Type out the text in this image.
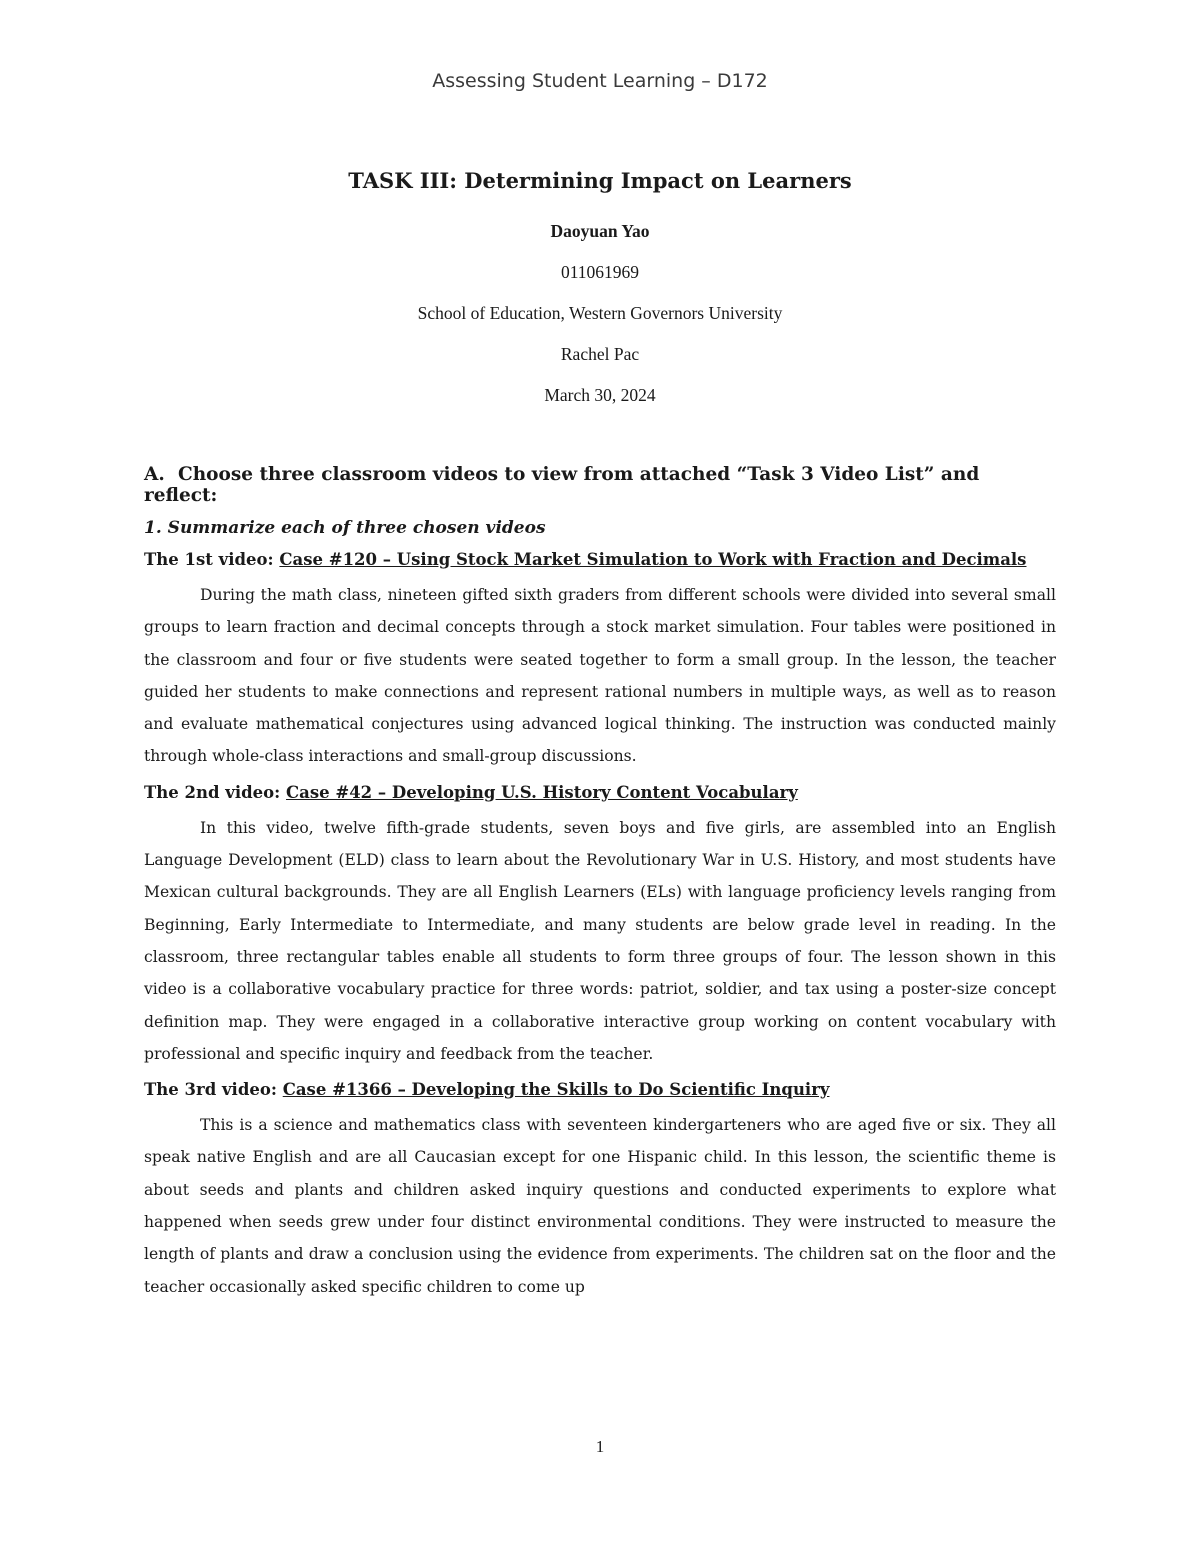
Assessing Student Learning – D172
TASK III: Determining Impact on Learners
Daoyuan Yao
011061969
School of Education, Western Governors University
Rachel Pac
March 30, 2024
A. Choose three classroom videos to view from attached “Task 3 Video List” and reflect:
1. Summarize each of three chosen videos
The 1st video: Case #120 – Using Stock Market Simulation to Work with Fraction and Decimals

During the math class, nineteen gifted sixth graders from different schools were divided into several small groups to learn fraction and decimal concepts through a stock market simulation. Four tables were positioned in the classroom and four or five students were seated together to form a small group. In the lesson, the teacher guided her students to make connections and represent rational numbers in multiple ways, as well as to reason and evaluate mathematical conjectures using advanced logical thinking. The instruction was conducted mainly through whole-class interactions and small-group discussions.

The 2nd video: Case #42 – Developing U.S. History Content Vocabulary

In this video, twelve fifth-grade students, seven boys and five girls, are assembled into an English Language Development (ELD) class to learn about the Revolutionary War in U.S. History, and most students have Mexican cultural backgrounds. They are all English Learners (ELs) with language proficiency levels ranging from Beginning, Early Intermediate to Intermediate, and many students are below grade level in reading. In the classroom, three rectangular tables enable all students to form three groups of four. The lesson shown in this video is a collaborative vocabulary practice for three words: patriot, soldier, and tax using a poster-size concept definition map. They were engaged in a collaborative interactive group working on content vocabulary with professional and specific inquiry and feedback from the teacher.

The 3rd video: Case #1366 – Developing the Skills to Do Scientific Inquiry

This is a science and mathematics class with seventeen kindergarteners who are aged five or six. They all speak native English and are all Caucasian except for one Hispanic child. In this lesson, the scientific theme is about seeds and plants and children asked inquiry questions and conducted experiments to explore what happened when seeds grew under four distinct environmental conditions. They were instructed to measure the length of plants and draw a conclusion using the evidence from experiments. The children sat on the floor and the teacher occasionally asked specific children to come up

1
